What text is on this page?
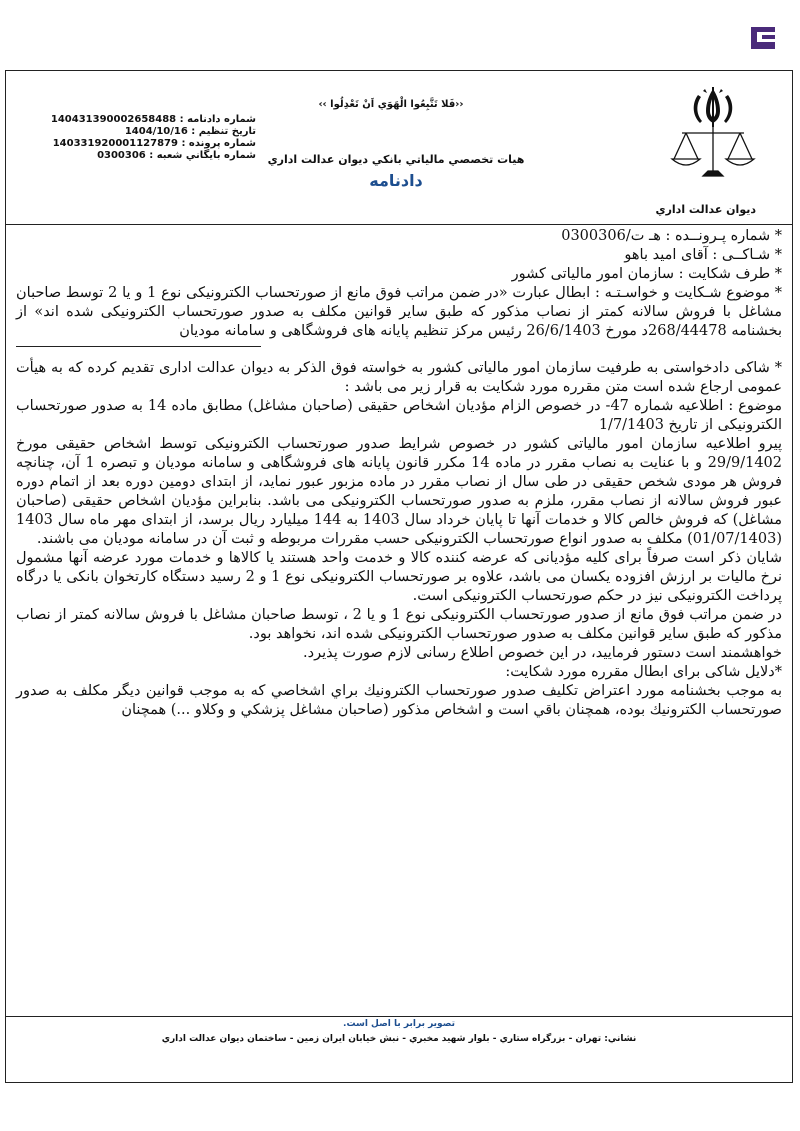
شماره دادنامه : 140431390002658488
تاريخ تنظيم : 1404/10/16
شماره پرونده : 140331920001127879
شماره بايگاني شعبه : 0300306
‹‹فَلا تَتَّبِعُوا الْهَوَي اَنْ تَعْدِلُوا ››
هيات تخصصي مالياتي بانكي ديوان عدالت اداري
دادنامه
ديوان عدالت اداري

* شماره پـرونــده : هـ ت/0300306

* شـاکــی : آقای امید باهو

* طرف شکایت : سازمان امور مالیاتی کشور

* موضوع شـکایت و خواسـتـه : ابطال عبارت «در ضمن مراتب فوق مانع از صورتحساب الکترونیکی نوع 1 و یا 2 توسط صاحبان مشاغل با فروش سالانه کمتر از نصاب مذکور که طبق سایر قوانین مکلف به صدور صورتحساب الکترونیکی شده اند» از بخشنامه 268/44478د مورخ 26/6/1403 رئیس مرکز تنظیم پایانه های فروشگاهی و سامانه مودیان

* شاکی دادخواستی به طرفیت سازمان امور مالیاتی کشور به خواسته فوق الذکر به دیوان عدالت اداری تقدیم کرده که به هیأت عمومی ارجاع شده است متن مقرره مورد شکایت به قرار زیر می باشد :

موضوع : اطلاعیه شماره 47- در خصوص الزام مؤدیان اشخاص حقیقی (صاحبان مشاغل) مطابق ماده 14 به صدور صورتحساب الکترونیکی از تاریخ 1/7/1403

پیرو اطلاعیه سازمان امور مالیاتی کشور در خصوص شرایط صدور صورتحساب الکترونیکی توسط اشخاص حقیقی مورخ 29/9/1402 و با عنایت به نصاب مقرر در ماده 14 مکرر قانون پایانه های فروشگاهی و سامانه مودیان و تبصره 1 آن، چنانچه فروش هر مودی شخص حقیقی در طی سال از نصاب مقرر در ماده مزبور عبور نماید، از ابتدای دومین دوره بعد از اتمام دوره عبور فروش سالانه از نصاب مقرر، ملزم به صدور صورتحساب الکترونیکی می باشد. بنابراین مؤدیان اشخاص حقیقی (صاحبان مشاغل) که فروش خالص کالا و خدمات آنها تا پایان خرداد سال 1403 به 144 میلیارد ریال برسد، از ابتدای مهر ماه سال 1403 (01/07/1403) مکلف به صدور انواع صورتحساب الکترونیکی حسب مقررات مربوطه و ثبت آن در سامانه مودیان می باشند.

شایان ذکر است صرفاً برای کلیه مؤدیانی که عرضه کننده کالا و خدمت واحد هستند یا کالاها و خدمات مورد عرضه آنها مشمول نرخ مالیات بر ارزش افزوده یکسان می باشد، علاوه بر صورتحساب الکترونیکی نوع 1 و 2 رسید دستگاه کارتخوان بانکی یا درگاه پرداخت الکترونیکی نیز در حکم صورتحساب الکترونیکی است.

در ضمن مراتب فوق مانع از صدور صورتحساب الکترونیکی نوع 1 و یا 2 ، توسط صاحبان مشاغل با فروش سالانه کمتر از نصاب مذکور که طبق سایر قوانین مکلف به صدور صورتحساب الکترونیکی شده اند، نخواهد بود.

خواهشمند است دستور فرمایید، در این خصوص اطلاع رسانی لازم صورت پذیرد.

*دلایل شاکی برای ابطال مقرره مورد شکایت:

به موجب بخشنامه مورد اعتراض تکلیف صدور صورتحساب الكترونيك براي اشخاصي كه به موجب قوانين ديگر مكلف به صدور صورتحساب الكترونيك بوده، همچنان باقي است و اشخاص مذكور (صاحبان مشاغل پزشكي و وكلاو ...) همچنان

تصوير برابر با اصل است.
نشاني: تهران - بزرگراه ستاري - بلوار شهيد مخبري - نبش خيابان ايران زمين - ساختمان ديوان عدالت اداري
